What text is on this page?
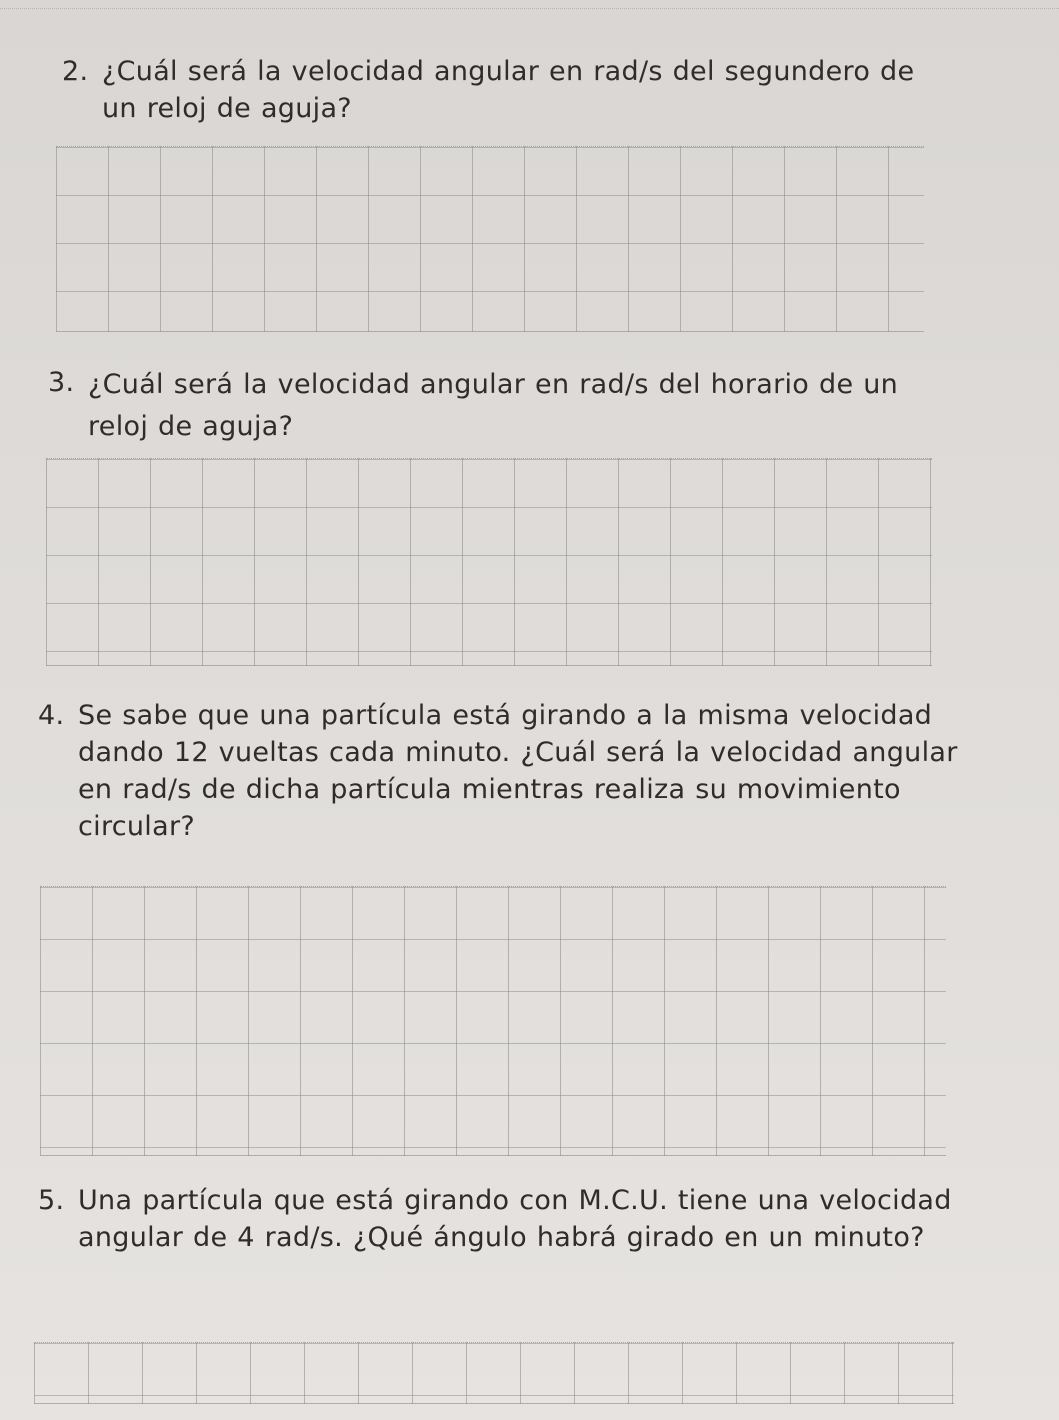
2. ¿Cuál será la velocidad angular en rad/s del segundero de un reloj de aguja?
3. ¿Cuál será la velocidad angular en rad/s del horario de un reloj de aguja?
4. Se sabe que una partícula está girando a la misma velocidad dando 12 vueltas cada minuto. ¿Cuál será la velocidad angular en rad/s de dicha partícula mientras realiza su movimiento circular?
5. Una partícula que está girando con M.C.U. tiene una velocidad angular de 4 rad/s. ¿Qué ángulo habrá girado en un minuto?
